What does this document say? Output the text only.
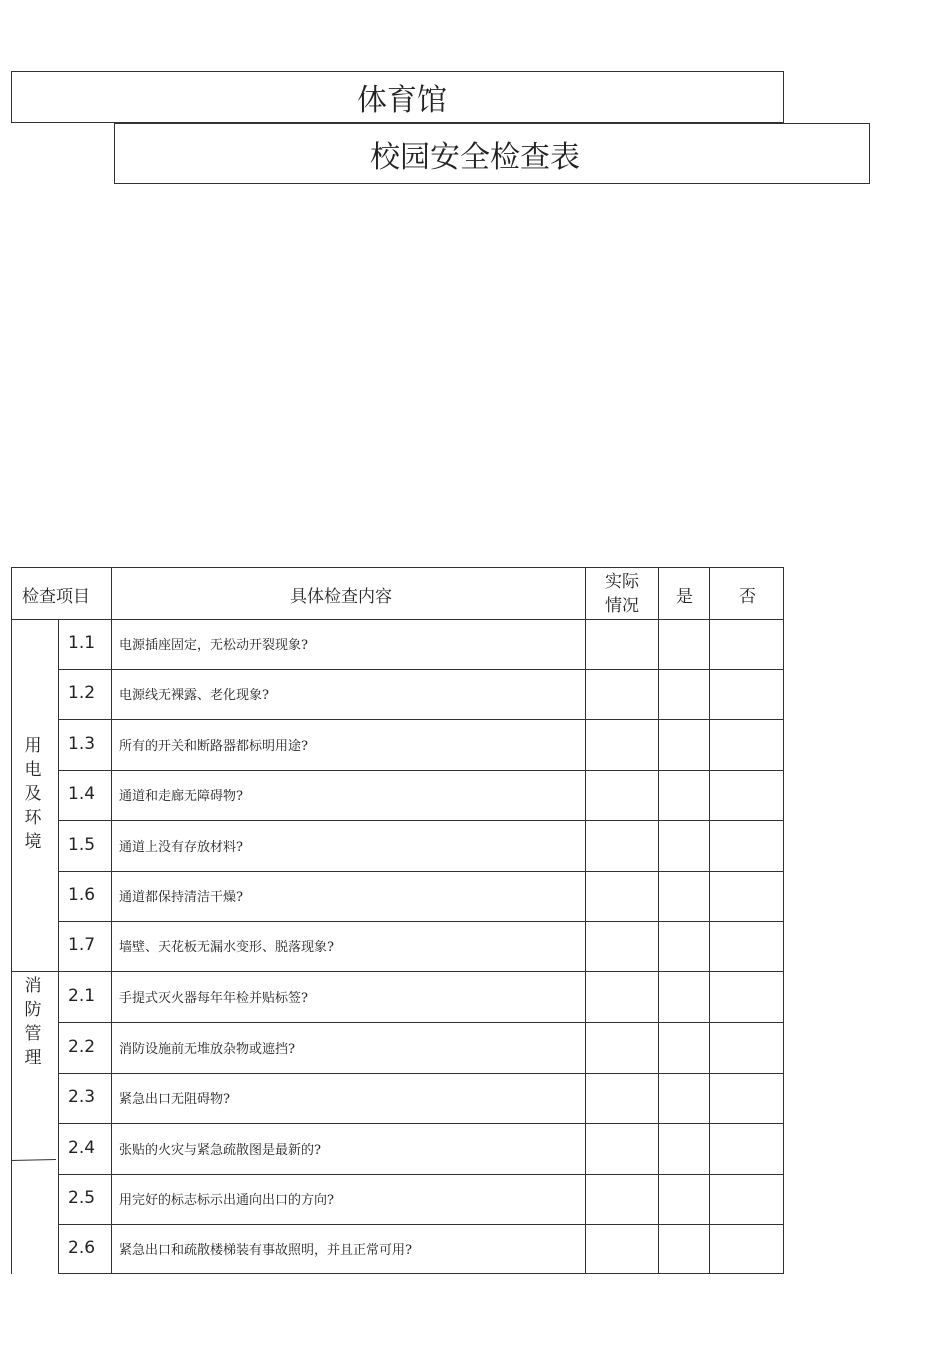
体育馆
校园安全检查表
检查项目	具体检查内容
实际情况 是	否
用电及环境
消防管理
1.1 电源插座固定，无松动开裂现象?
1.2 电源线无裸露、老化现象?
1.3 所有的开关和断路器都标明用途?
1.4 通道和走廊无障碍物?
1.5 通道上没有存放材料?
1.6 通道都保持清洁干燥?
1.7 墙壁、天花板无漏水变形、脱落现象?
2.1 手提式灭火器每年年检并贴标签?
2.2 消防设施前无堆放杂物或遮挡?
2.3 紧急出口无阻碍物?
2.4 张贴的火灾与紧急疏散图是最新的?
2.5 用完好的标志标示出通向出口的方向?
2.6 紧急出口和疏散楼梯装有事故照明，并且正常可用?
